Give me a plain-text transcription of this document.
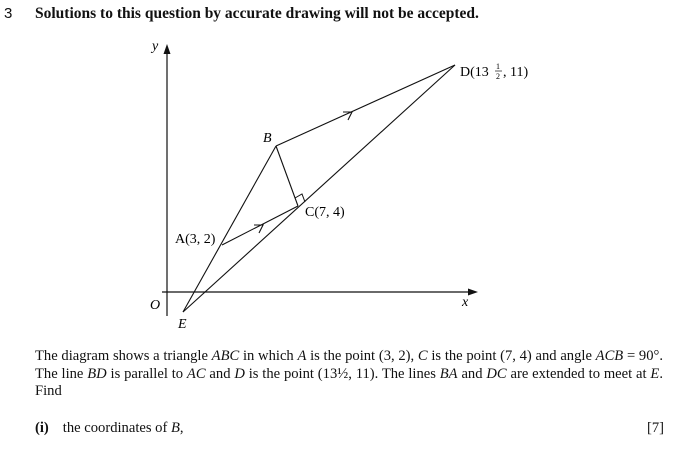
3 Solutions to this question by accurate drawing will not be accepted.
y
x
O
A(3, 2)
B
C(7, 4)
E
D(13 1
2 , 11)
The diagram shows a triangle ABC in which A is the point (3, 2), C is the point (7, 4) and angle ACB = 90°. The line BD is parallel to AC and D is the point (13½, 11). The lines BA and DC are extended to meet at E. Find
(i) the coordinates of B,	[7]
